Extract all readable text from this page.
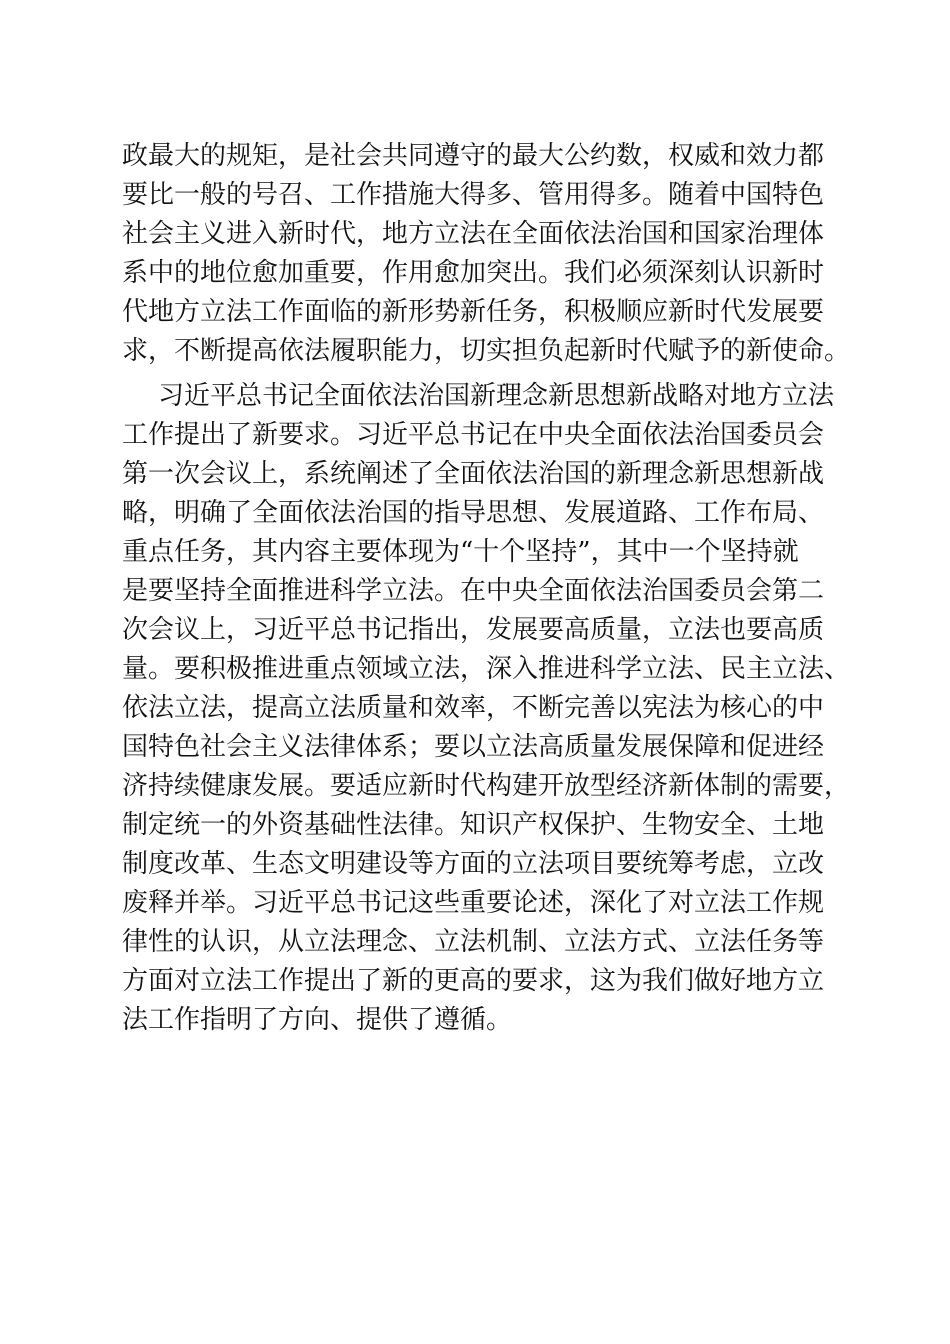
政最大的规矩，是社会共同遵守的最大公约数，权威和效力都
要比一般的号召、工作措施大得多、管用得多。随着中国特色
社会主义进入新时代，地方立法在全面依法治国和国家治理体
系中的地位愈加重要，作用愈加突出。我们必须深刻认识新时
代地方立法工作面临的新形势新任务，积极顺应新时代发展要
求，不断提高依法履职能力，切实担负起新时代赋予的新使命。
习近平总书记全面依法治国新理念新思想新战略对地方立法
工作提出了新要求。习近平总书记在中央全面依法治国委员会
第一次会议上，系统阐述了全面依法治国的新理念新思想新战
略，明确了全面依法治国的指导思想、发展道路、工作布局、
重点任务，其内容主要体现为“十个坚持”，其中一个坚持就
是要坚持全面推进科学立法。在中央全面依法治国委员会第二
次会议上，习近平总书记指出，发展要高质量，立法也要高质
量。要积极推进重点领域立法，深入推进科学立法、民主立法、
依法立法，提高立法质量和效率，不断完善以宪法为核心的中
国特色社会主义法律体系；要以立法高质量发展保障和促进经
济持续健康发展。要适应新时代构建开放型经济新体制的需要，
制定统一的外资基础性法律。知识产权保护、生物安全、土地
制度改革、生态文明建设等方面的立法项目要统筹考虑，立改
废释并举。习近平总书记这些重要论述，深化了对立法工作规
律性的认识，从立法理念、立法机制、立法方式、立法任务等
方面对立法工作提出了新的更高的要求，这为我们做好地方立
法工作指明了方向、提供了遵循。
